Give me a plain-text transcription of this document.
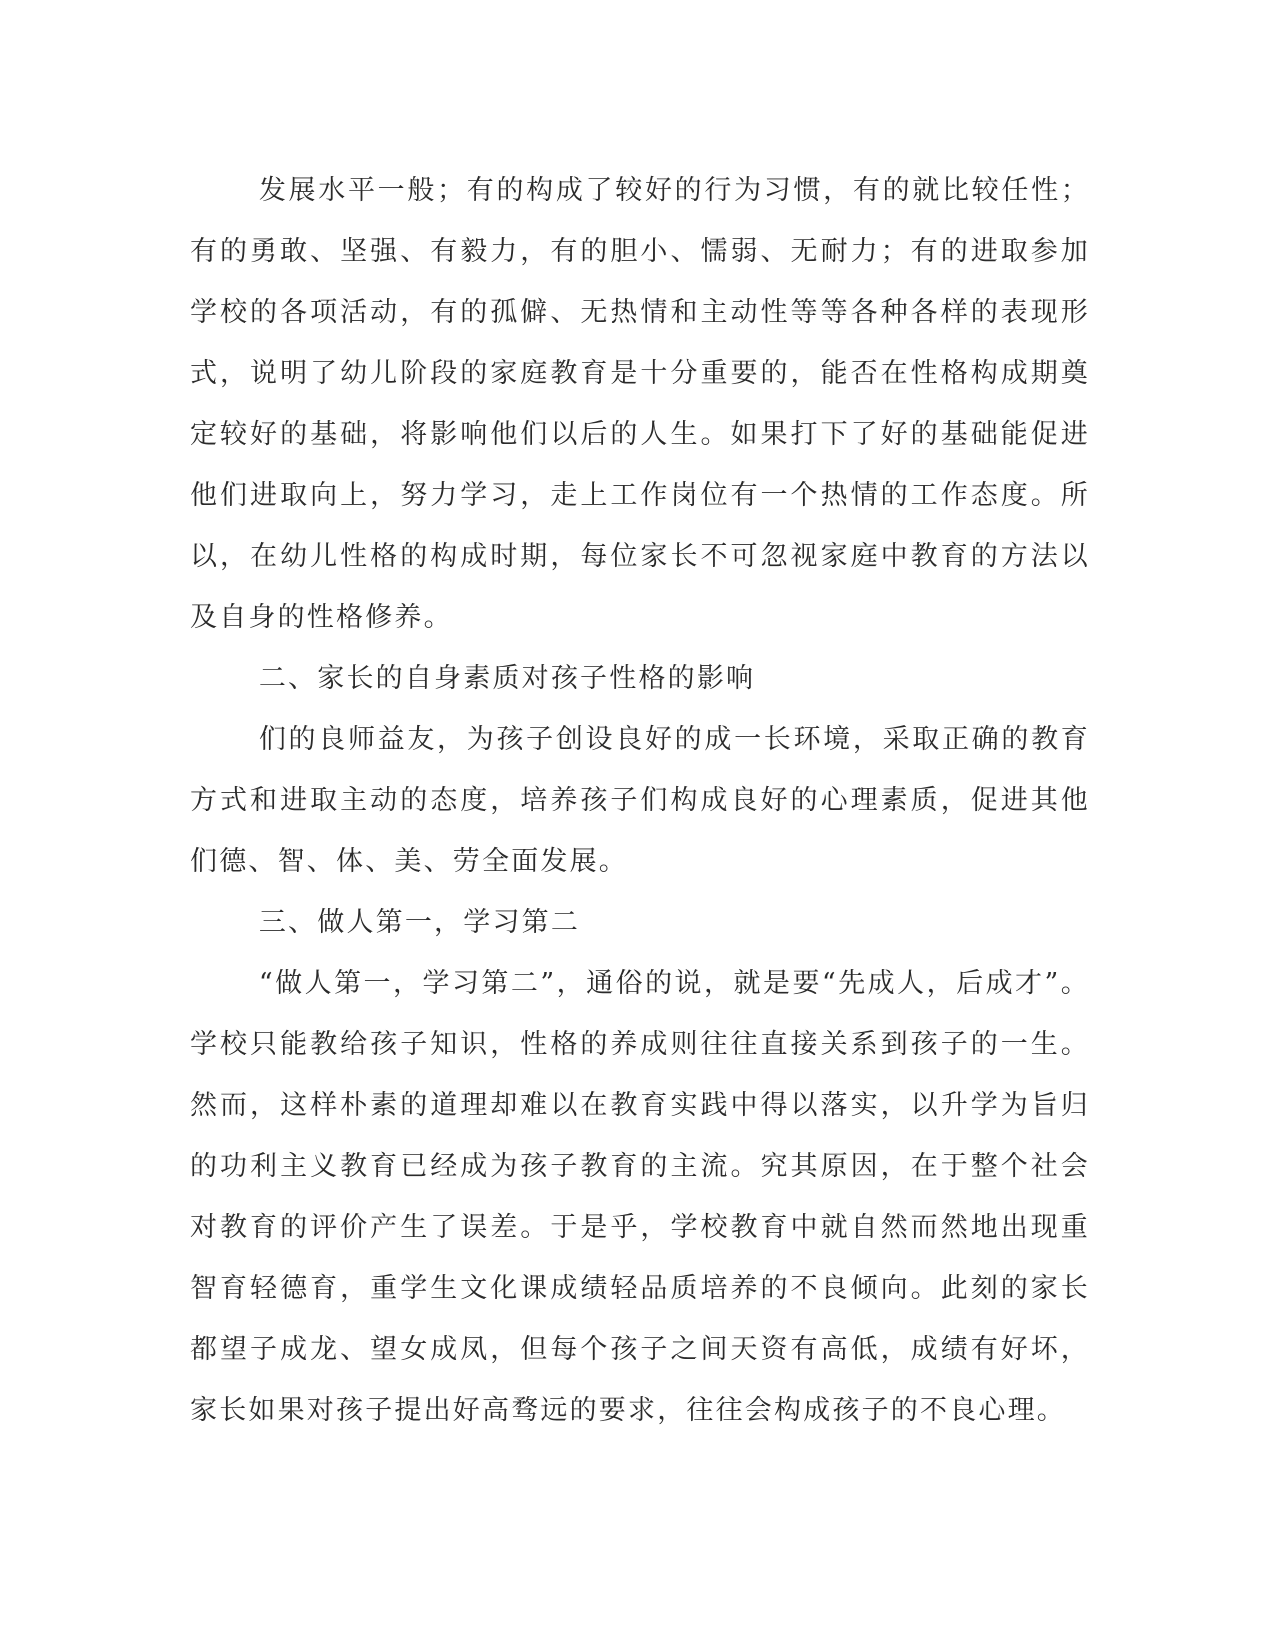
发展水平一般；有的构成了较好的行为习惯，有的就比较任性；有的勇敢、坚强、有毅力，有的胆小、懦弱、无耐力；有的进取参加学校的各项活动，有的孤僻、无热情和主动性等等各种各样的表现形式，说明了幼儿阶段的家庭教育是十分重要的，能否在性格构成期奠定较好的基础，将影响他们以后的人生。如果打下了好的基础能促进他们进取向上，努力学习，走上工作岗位有一个热情的工作态度。所以，在幼儿性格的构成时期，每位家长不可忽视家庭中教育的方法以及自身的性格修养。

二、家长的自身素质对孩子性格的影响

们的良师益友，为孩子创设良好的成一长环境，采取正确的教育方式和进取主动的态度，培养孩子们构成良好的心理素质，促进其他们德、智、体、美、劳全面发展。

三、做人第一，学习第二

“做人第一，学习第二”，通俗的说，就是要“先成人，后成才”。学校只能教给孩子知识，性格的养成则往往直接关系到孩子的一生。然而，这样朴素的道理却难以在教育实践中得以落实，以升学为旨归的功利主义教育已经成为孩子教育的主流。究其原因，在于整个社会对教育的评价产生了误差。于是乎，学校教育中就自然而然地出现重智育轻德育，重学生文化课成绩轻品质培养的不良倾向。此刻的家长都望子成龙、望女成凤，但每个孩子之间天资有高低，成绩有好坏，家长如果对孩子提出好高骛远的要求，往往会构成孩子的不良心理。
